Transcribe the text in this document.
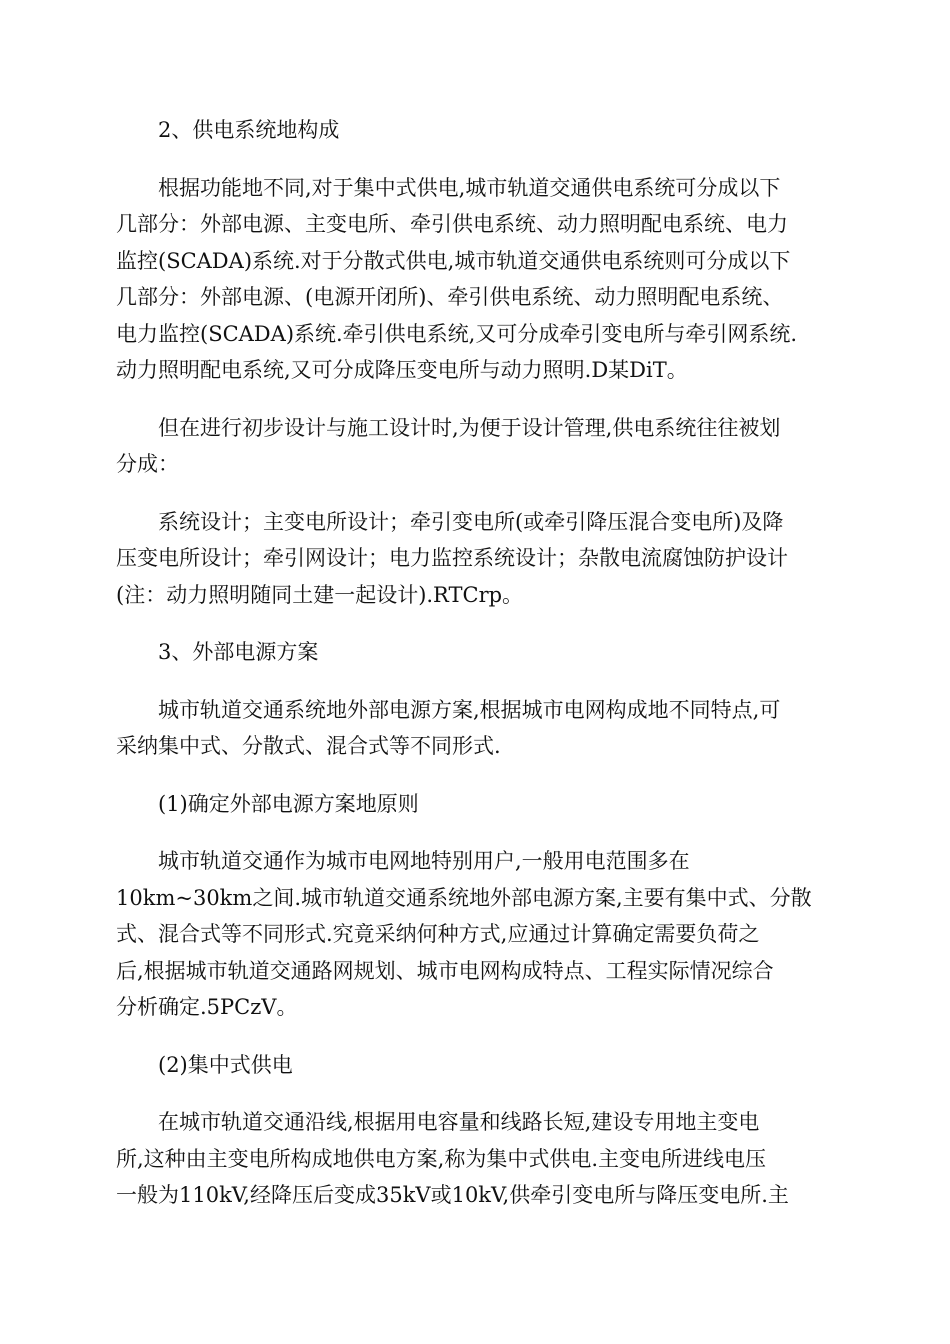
2、供电系统地构成
根据功能地不同,对于集中式供电,城市轨道交通供电系统可分成以下
几部分：外部电源、主变电所、牵引供电系统、动力照明配电系统、电力
监控(SCADA)系统.对于分散式供电,城市轨道交通供电系统则可分成以下
几部分：外部电源、(电源开闭所)、牵引供电系统、动力照明配电系统、
电力监控(SCADA)系统.牵引供电系统,又可分成牵引变电所与牵引网系统.
动力照明配电系统,又可分成降压变电所与动力照明.D某DiT。
但在进行初步设计与施工设计时,为便于设计管理,供电系统往往被划
分成：
系统设计；主变电所设计；牵引变电所(或牵引降压混合变电所)及降
压变电所设计；牵引网设计；电力监控系统设计；杂散电流腐蚀防护设计
(注：动力照明随同土建一起设计).RTCrp。
3、外部电源方案
城市轨道交通系统地外部电源方案,根据城市电网构成地不同特点,可
采纳集中式、分散式、混合式等不同形式.
(1)确定外部电源方案地原则
城市轨道交通作为城市电网地特别用户,一般用电范围多在
10km~30km之间.城市轨道交通系统地外部电源方案,主要有集中式、分散
式、混合式等不同形式.究竟采纳何种方式,应通过计算确定需要负荷之
后,根据城市轨道交通路网规划、城市电网构成特点、工程实际情况综合
分析确定.5PCzV。
(2)集中式供电
在城市轨道交通沿线,根据用电容量和线路长短,建设专用地主变电
所,这种由主变电所构成地供电方案,称为集中式供电.主变电所进线电压
一般为110kV,经降压后变成35kV或10kV,供牵引变电所与降压变电所.主
